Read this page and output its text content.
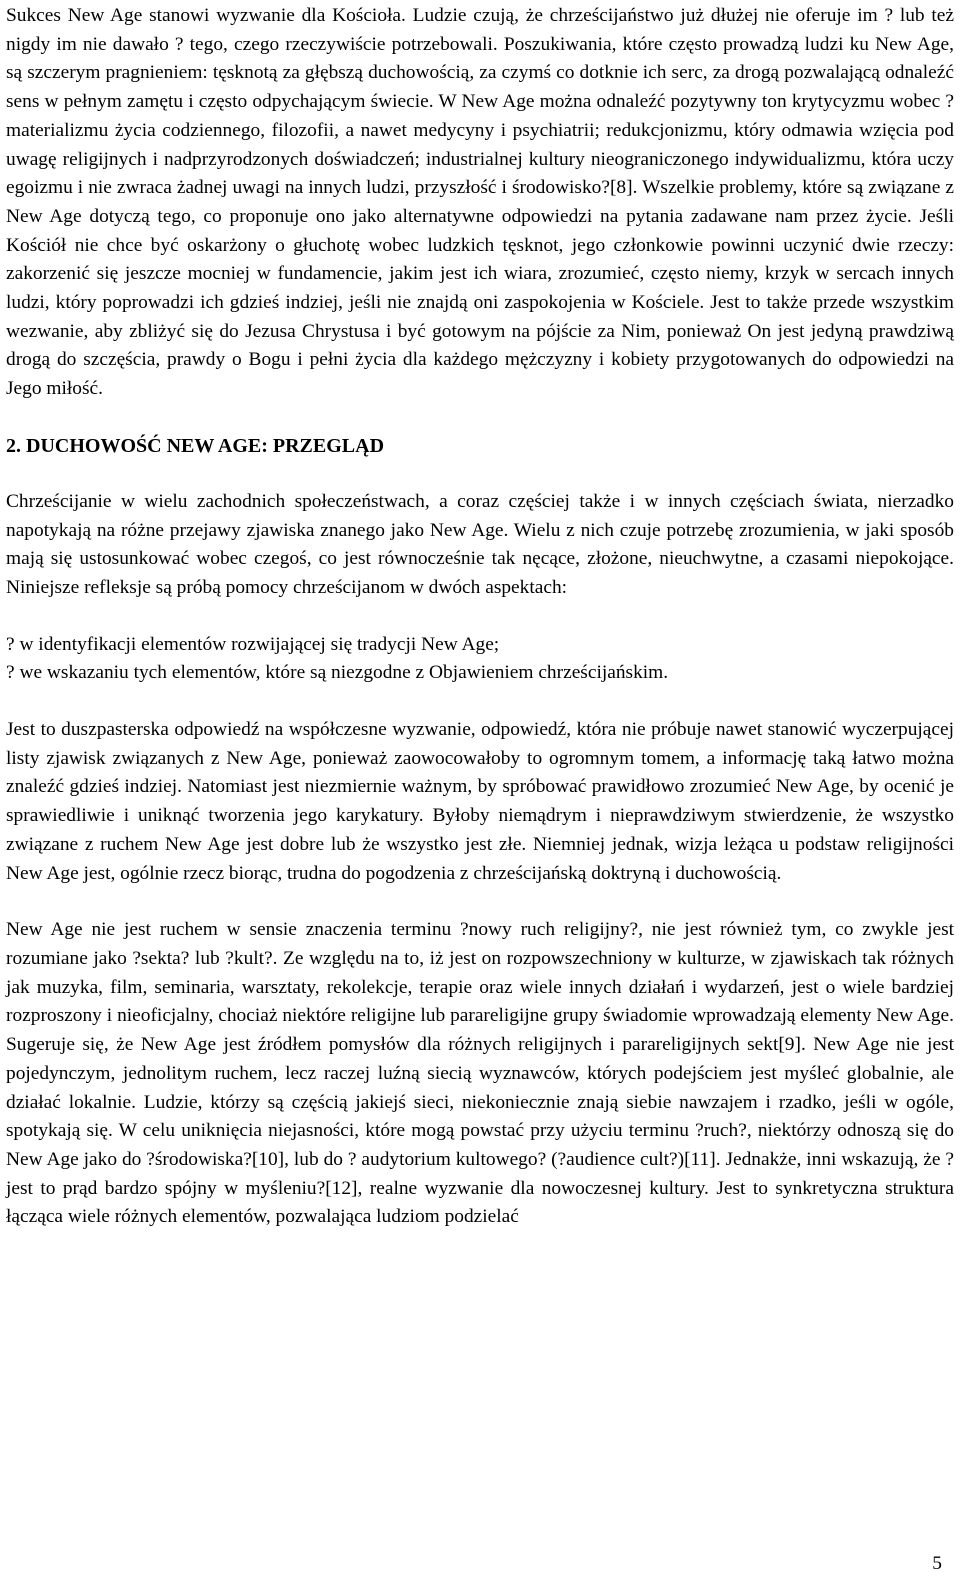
Sukces New Age stanowi wyzwanie dla Kościoła. Ludzie czują, że chrześcijaństwo już dłużej nie oferuje im ? lub też nigdy im nie dawało ? tego, czego rzeczywiście potrzebowali. Poszukiwania, które często prowadzą ludzi ku New Age, są szczerym pragnieniem: tęsknotą za głębszą duchowością, za czymś co dotknie ich serc, za drogą pozwalającą odnaleźć sens w pełnym zamętu i często odpychającym świecie. W New Age można odnaleźć pozytywny ton krytycyzmu wobec ?materializmu życia codziennego, filozofii, a nawet medycyny i psychiatrii; redukcjonizmu, który odmawia wzięcia pod uwagę religijnych i nadprzyrodzonych doświadczeń; industrialnej kultury nieograniczonego indywidualizmu, która uczy egoizmu i nie zwraca żadnej uwagi na innych ludzi, przyszłość i środowisko?[8]. Wszelkie problemy, które są związane z New Age dotyczą tego, co proponuje ono jako alternatywne odpowiedzi na pytania zadawane nam przez życie. Jeśli Kościół nie chce być oskarżony o głuchotę wobec ludzkich tęsknot, jego członkowie powinni uczynić dwie rzeczy: zakorzenić się jeszcze mocniej w fundamencie, jakim jest ich wiara, zrozumieć, często niemy, krzyk w sercach innych ludzi, który poprowadzi ich gdzieś indziej, jeśli nie znajdą oni zaspokojenia w Kościele. Jest to także przede wszystkim wezwanie, aby zbliżyć się do Jezusa Chrystusa i być gotowym na pójście za Nim, ponieważ On jest jedyną prawdziwą drogą do szczęścia, prawdy o Bogu i pełni życia dla każdego mężczyzny i kobiety przygotowanych do odpowiedzi na Jego miłość.

2. DUCHOWOŚĆ NEW AGE: PRZEGLĄD

Chrześcijanie w wielu zachodnich społeczeństwach, a coraz częściej także i w innych częściach świata, nierzadko napotykają na różne przejawy zjawiska znanego jako New Age. Wielu z nich czuje potrzebę zrozumienia, w jaki sposób mają się ustosunkować wobec czegoś, co jest równocześnie tak nęcące, złożone, nieuchwytne, a czasami niepokojące. Niniejsze refleksje są próbą pomocy chrześcijanom w dwóch aspektach:

? w identyfikacji elementów rozwijającej się tradycji New Age;

? we wskazaniu tych elementów, które są niezgodne z Objawieniem chrześcijańskim.

Jest to duszpasterska odpowiedź na współczesne wyzwanie, odpowiedź, która nie próbuje nawet stanowić wyczerpującej listy zjawisk związanych z New Age, ponieważ zaowocowałoby to ogromnym tomem, a informację taką łatwo można znaleźć gdzieś indziej. Natomiast jest niezmiernie ważnym, by spróbować prawidłowo zrozumieć New Age, by ocenić je sprawiedliwie i uniknąć tworzenia jego karykatury. Byłoby niemądrym i nieprawdziwym stwierdzenie, że wszystko związane z ruchem New Age jest dobre lub że wszystko jest złe. Niemniej jednak, wizja leżąca u podstaw religijności New Age jest, ogólnie rzecz biorąc, trudna do pogodzenia z chrześcijańską doktryną i duchowością.

New Age nie jest ruchem w sensie znaczenia terminu ?nowy ruch religijny?, nie jest również tym, co zwykle jest rozumiane jako ?sekta? lub ?kult?. Ze względu na to, iż jest on rozpowszechniony w kulturze, w zjawiskach tak różnych jak muzyka, film, seminaria, warsztaty, rekolekcje, terapie oraz wiele innych działań i wydarzeń, jest o wiele bardziej rozproszony i nieoficjalny, chociaż niektóre religijne lub parareligijne grupy świadomie wprowadzają elementy New Age. Sugeruje się, że New Age jest źródłem pomysłów dla różnych religijnych i parareligijnych sekt[9]. New Age nie jest pojedynczym, jednolitym ruchem, lecz raczej luźną siecią wyznawców, których podejściem jest myśleć globalnie, ale działać lokalnie. Ludzie, którzy są częścią jakiejś sieci, niekoniecznie znają siebie nawzajem i rzadko, jeśli w ogóle, spotykają się. W celu uniknięcia niejasności, które mogą powstać przy użyciu terminu ?ruch?, niektórzy odnoszą się do New Age jako do ?środowiska?[10], lub do ? audytorium kultowego? (?audience cult?)[11]. Jednakże, inni wskazują, że ?jest to prąd bardzo spójny w myśleniu?[12], realne wyzwanie dla nowoczesnej kultury. Jest to synkretyczna struktura łącząca wiele różnych elementów, pozwalająca ludziom podzielać

5
